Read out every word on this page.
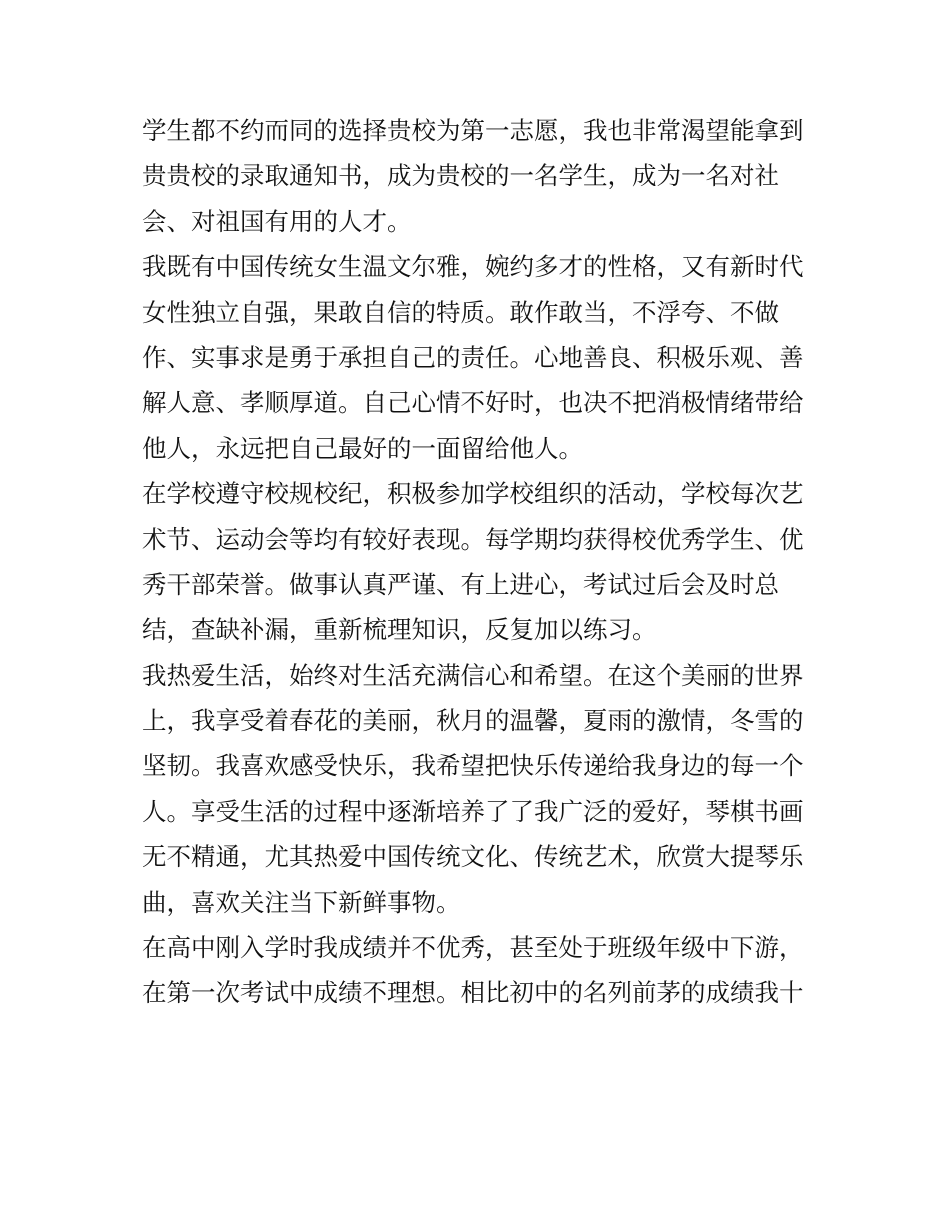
学生都不约而同的选择贵校为第一志愿，我也非常渴望能拿到
贵贵校的录取通知书，成为贵校的一名学生，成为一名对社
会、对祖国有用的人才。
我既有中国传统女生温文尔雅，婉约多才的性格，又有新时代
女性独立自强，果敢自信的特质。敢作敢当，不浮夸、不做
作、实事求是勇于承担自己的责任。心地善良、积极乐观、善
解人意、孝顺厚道。自己心情不好时，也决不把消极情绪带给
他人，永远把自己最好的一面留给他人。
在学校遵守校规校纪，积极参加学校组织的活动，学校每次艺
术节、运动会等均有较好表现。每学期均获得校优秀学生、优
秀干部荣誉。做事认真严谨、有上进心，考试过后会及时总
结，查缺补漏，重新梳理知识，反复加以练习。
我热爱生活，始终对生活充满信心和希望。在这个美丽的世界
上，我享受着春花的美丽，秋月的温馨，夏雨的激情，冬雪的
坚韧。我喜欢感受快乐，我希望把快乐传递给我身边的每一个
人。享受生活的过程中逐渐培养了了我广泛的爱好，琴棋书画
无不精通，尤其热爱中国传统文化、传统艺术，欣赏大提琴乐
曲，喜欢关注当下新鲜事物。
在高中刚入学时我成绩并不优秀，甚至处于班级年级中下游，
在第一次考试中成绩不理想。相比初中的名列前茅的成绩我十
